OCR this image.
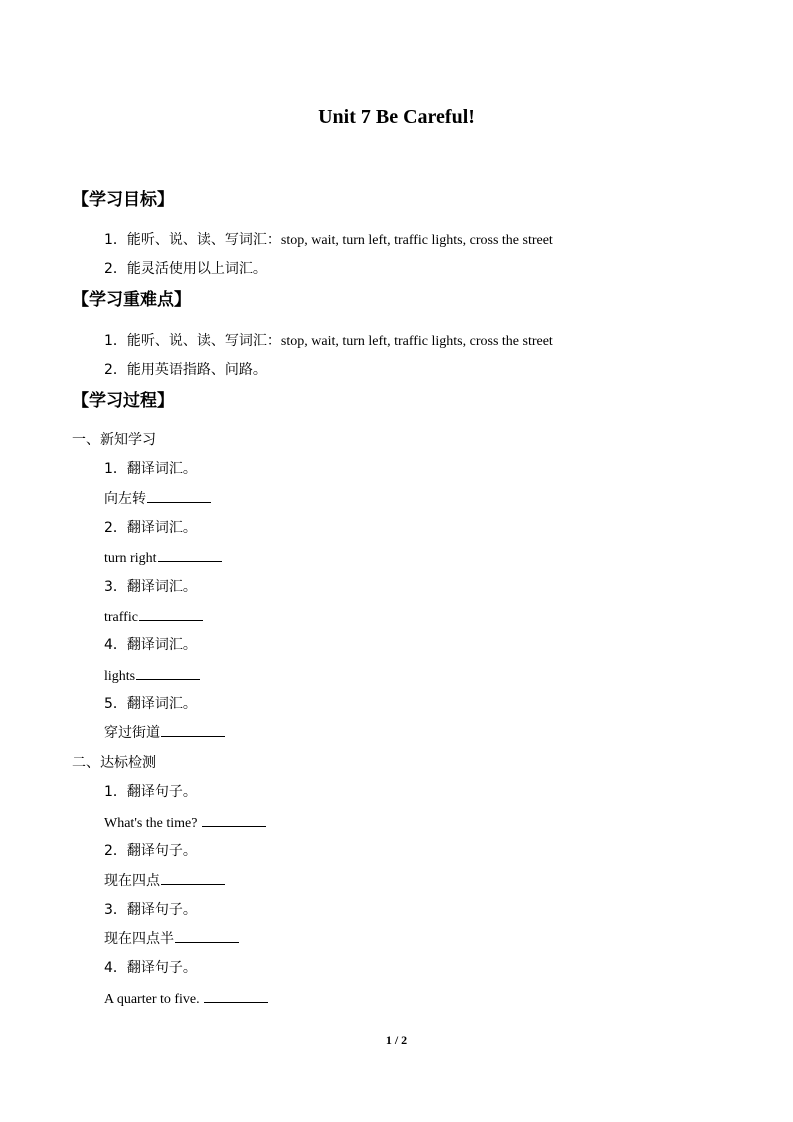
Unit 7 Be Careful!
【学习目标】
1．能听、说、读、写词汇：stop, wait, turn left, traffic lights, cross the street
2．能灵活使用以上词汇。
【学习重难点】
1．能听、说、读、写词汇：stop, wait, turn left, traffic lights, cross the street
2．能用英语指路、问路。
【学习过程】
一、新知学习
1．翻译词汇。
向左转
2．翻译词汇。
turn right
3．翻译词汇。
traffic
4．翻译词汇。
lights
5．翻译词汇。
穿过街道
二、达标检测
1．翻译句子。
What's the time?
2．翻译句子。
现在四点
3．翻译句子。
现在四点半
4．翻译句子。
A quarter to five.
1 / 2
